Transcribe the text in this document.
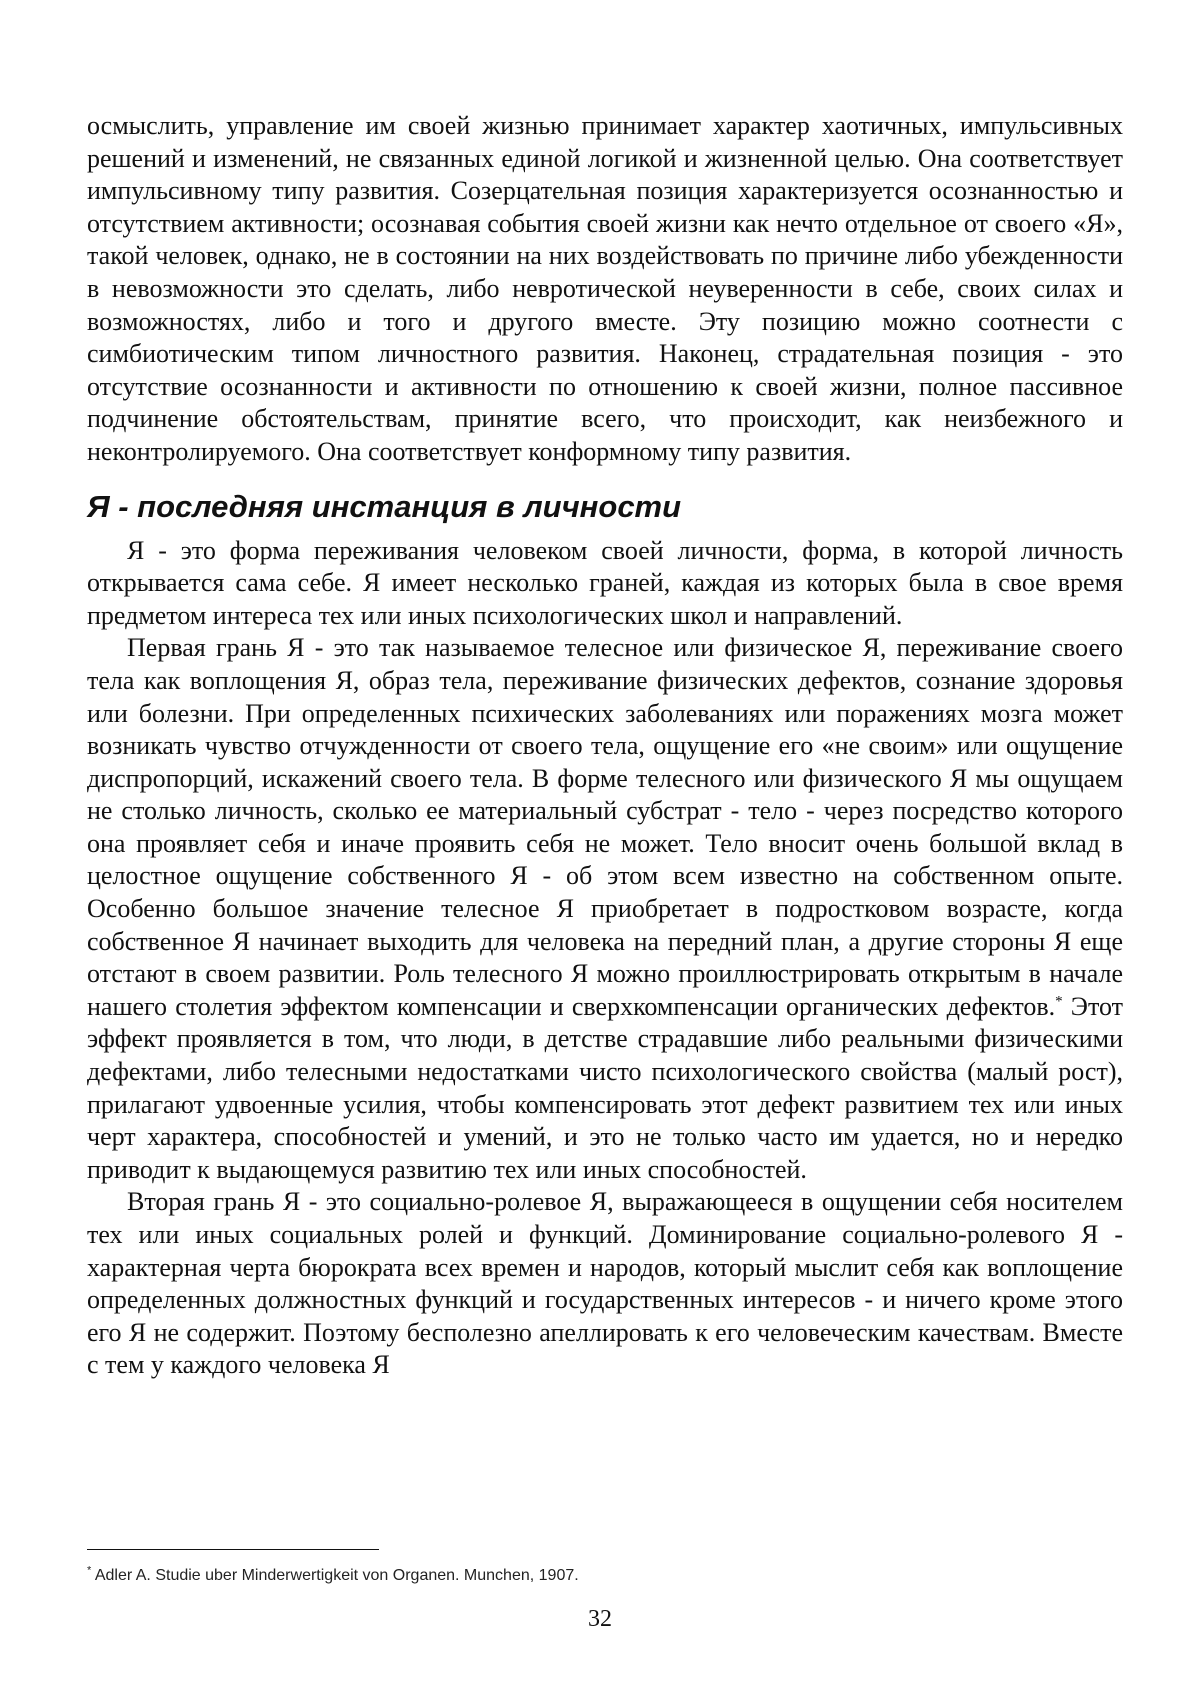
осмыслить, управление им своей жизнью принимает характер хаотичных, импульсивных решений и изменений, не связанных единой логикой и жизненной целью. Она соответствует импульсивному типу развития. Созерцательная позиция характеризуется осознанностью и отсутствием активности; осознавая события своей жизни как нечто отдельное от своего «Я», такой человек, однако, не в состоянии на них воздействовать по причине либо убежденности в невозможности это сделать, либо невротической неуверенности в себе, своих силах и возможностях, либо и того и другого вместе. Эту позицию можно соотнести с симбиотическим типом личностного развития. Наконец, страдательная позиция - это отсутствие осознанности и активности по отношению к своей жизни, полное пассивное подчинение обстоятельствам, принятие всего, что происходит, как неизбежного и неконтролируемого. Она соответствует конформному типу развития.

Я - последняя инстанция в личности

Я - это форма переживания человеком своей личности, форма, в которой личность открывается сама себе. Я имеет несколько граней, каждая из которых была в свое время предметом интереса тех или иных психологических школ и направлений.

Первая грань Я - это так называемое телесное или физическое Я, переживание своего тела как воплощения Я, образ тела, переживание физических дефектов, сознание здоровья или болезни. При определенных психических заболеваниях или поражениях мозга может возникать чувство отчужденности от своего тела, ощущение его «не своим» или ощущение диспропорций, искажений своего тела. В форме телесного или физического Я мы ощущаем не столько личность, сколько ее материальный субстрат - тело - через посредство которого она проявляет себя и иначе проявить себя не может. Тело вносит очень большой вклад в целостное ощущение собственного Я - об этом всем известно на собственном опыте. Особенно большое значение телесное Я приобретает в подростковом возрасте, когда собственное Я начинает выходить для человека на передний план, а другие стороны Я еще отстают в своем развитии. Роль телесного Я можно проиллюстрировать открытым в начале нашего столетия эффектом компенсации и сверхкомпенсации органических дефектов.* Этот эффект проявляется в том, что люди, в детстве страдавшие либо реальными физическими дефектами, либо телесными недостатками чисто психологического свойства (малый рост), прилагают удвоенные усилия, чтобы компенсировать этот дефект развитием тех или иных черт характера, способностей и умений, и это не только часто им удается, но и нередко приводит к выдающемуся развитию тех или иных способностей.

Вторая грань Я - это социально-ролевое Я, выражающееся в ощущении себя носителем тех или иных социальных ролей и функций. Доминирование социально-ролевого Я - характерная черта бюрократа всех времен и народов, который мыслит себя как воплощение определенных должностных функций и государственных интересов - и ничего кроме этого его Я не содержит. Поэтому бесполезно апеллировать к его человеческим качествам. Вместе с тем у каждого человека Я

* Adler A. Studie uber Minderwertigkeit von Organen. Munchen, 1907.
32
